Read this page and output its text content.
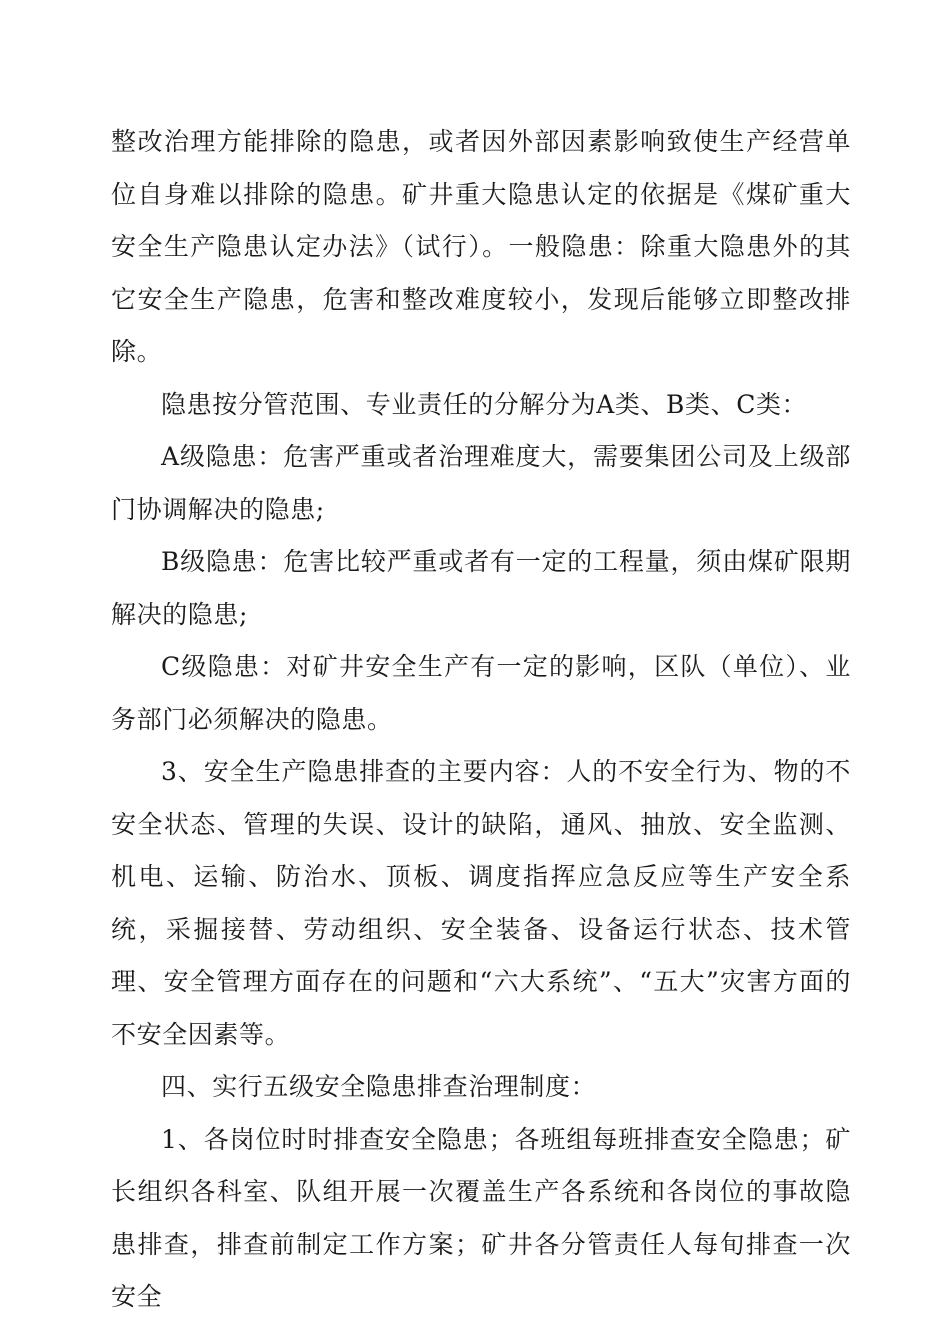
整改治理方能排除的隐患，或者因外部因素影响致使生产经营单位自身难以排除的隐患。矿井重大隐患认定的依据是《煤矿重大安全生产隐患认定办法》（试行）。一般隐患：除重大隐患外的其它安全生产隐患，危害和整改难度较小，发现后能够立即整改排除。

隐患按分管范围、专业责任的分解分为A类、B类、C类：

A级隐患：危害严重或者治理难度大，需要集团公司及上级部门协调解决的隐患;

B级隐患：危害比较严重或者有一定的工程量，须由煤矿限期解决的隐患;

C级隐患：对矿井安全生产有一定的影响，区队（单位）、业务部门必须解决的隐患。

3、安全生产隐患排查的主要内容：人的不安全行为、物的不安全状态、管理的失误、设计的缺陷，通风、抽放、安全监测、机电、运输、防治水、顶板、调度指挥应急反应等生产安全系统，采掘接替、劳动组织、安全装备、设备运行状态、技术管理、安全管理方面存在的问题和“六大系统”、“五大”灾害方面的不安全因素等。

四、实行五级安全隐患排查治理制度：

1、各岗位时时排查安全隐患；各班组每班排查安全隐患；矿长组织各科室、队组开展一次覆盖生产各系统和各岗位的事故隐患排查，排查前制定工作方案；矿井各分管责任人每旬排查一次安全
